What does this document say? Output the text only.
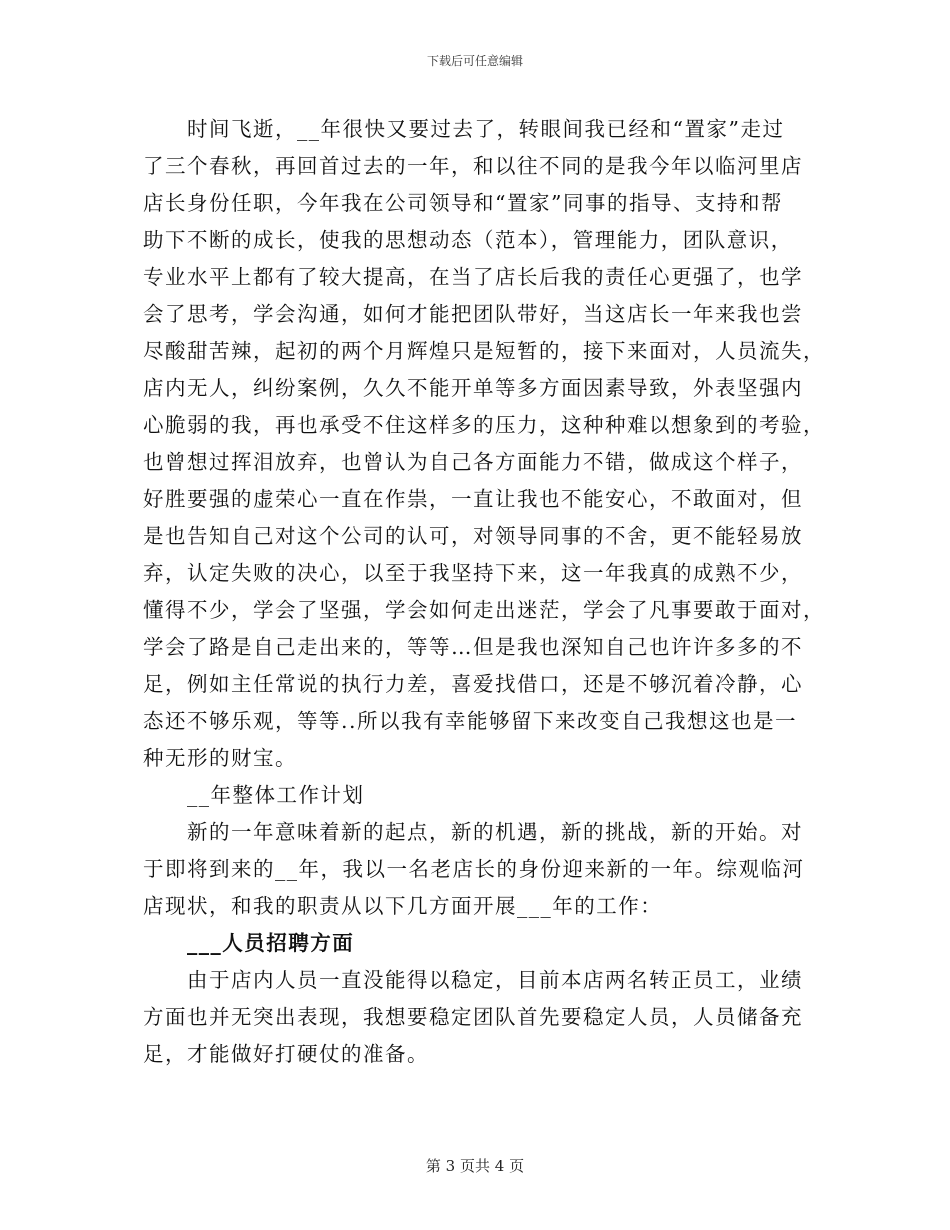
下载后可任意编辑
时间飞逝，__年很快又要过去了，转眼间我已经和“置家”走过
了三个春秋，再回首过去的一年，和以往不同的是我今年以临河里店
店长身份任职，今年我在公司领导和“置家”同事的指导、支持和帮
助下不断的成长，使我的思想动态（范本），管理能力，团队意识，
专业水平上都有了较大提高，在当了店长后我的责任心更强了，也学
会了思考，学会沟通，如何才能把团队带好，当这店长一年来我也尝
尽酸甜苦辣，起初的两个月辉煌只是短暂的，接下来面对，人员流失，
店内无人，纠纷案例，久久不能开单等多方面因素导致，外表坚强内
心脆弱的我，再也承受不住这样多的压力，这种种难以想象到的考验，
也曾想过挥泪放弃，也曾认为自己各方面能力不错，做成这个样子，
好胜要强的虚荣心一直在作祟，一直让我也不能安心，不敢面对，但
是也告知自己对这个公司的认可，对领导同事的不舍，更不能轻易放
弃，认定失败的决心，以至于我坚持下来，这一年我真的成熟不少，
懂得不少，学会了坚强，学会如何走出迷茫，学会了凡事要敢于面对，
学会了路是自己走出来的，等等…但是我也深知自己也许许多多的不
足，例如主任常说的执行力差，喜爱找借口，还是不够沉着冷静，心
态还不够乐观，等等..所以我有幸能够留下来改变自己我想这也是一
种无形的财宝。
__年整体工作计划
新的一年意味着新的起点，新的机遇，新的挑战，新的开始。对
于即将到来的__年，我以一名老店长的身份迎来新的一年。综观临河
店现状，和我的职责从以下几方面开展___年的工作：
___人员招聘方面
由于店内人员一直没能得以稳定，目前本店两名转正员工，业绩
方面也并无突出表现，我想要稳定团队首先要稳定人员，人员储备充
足，才能做好打硬仗的准备。
第 3 页共 4 页
